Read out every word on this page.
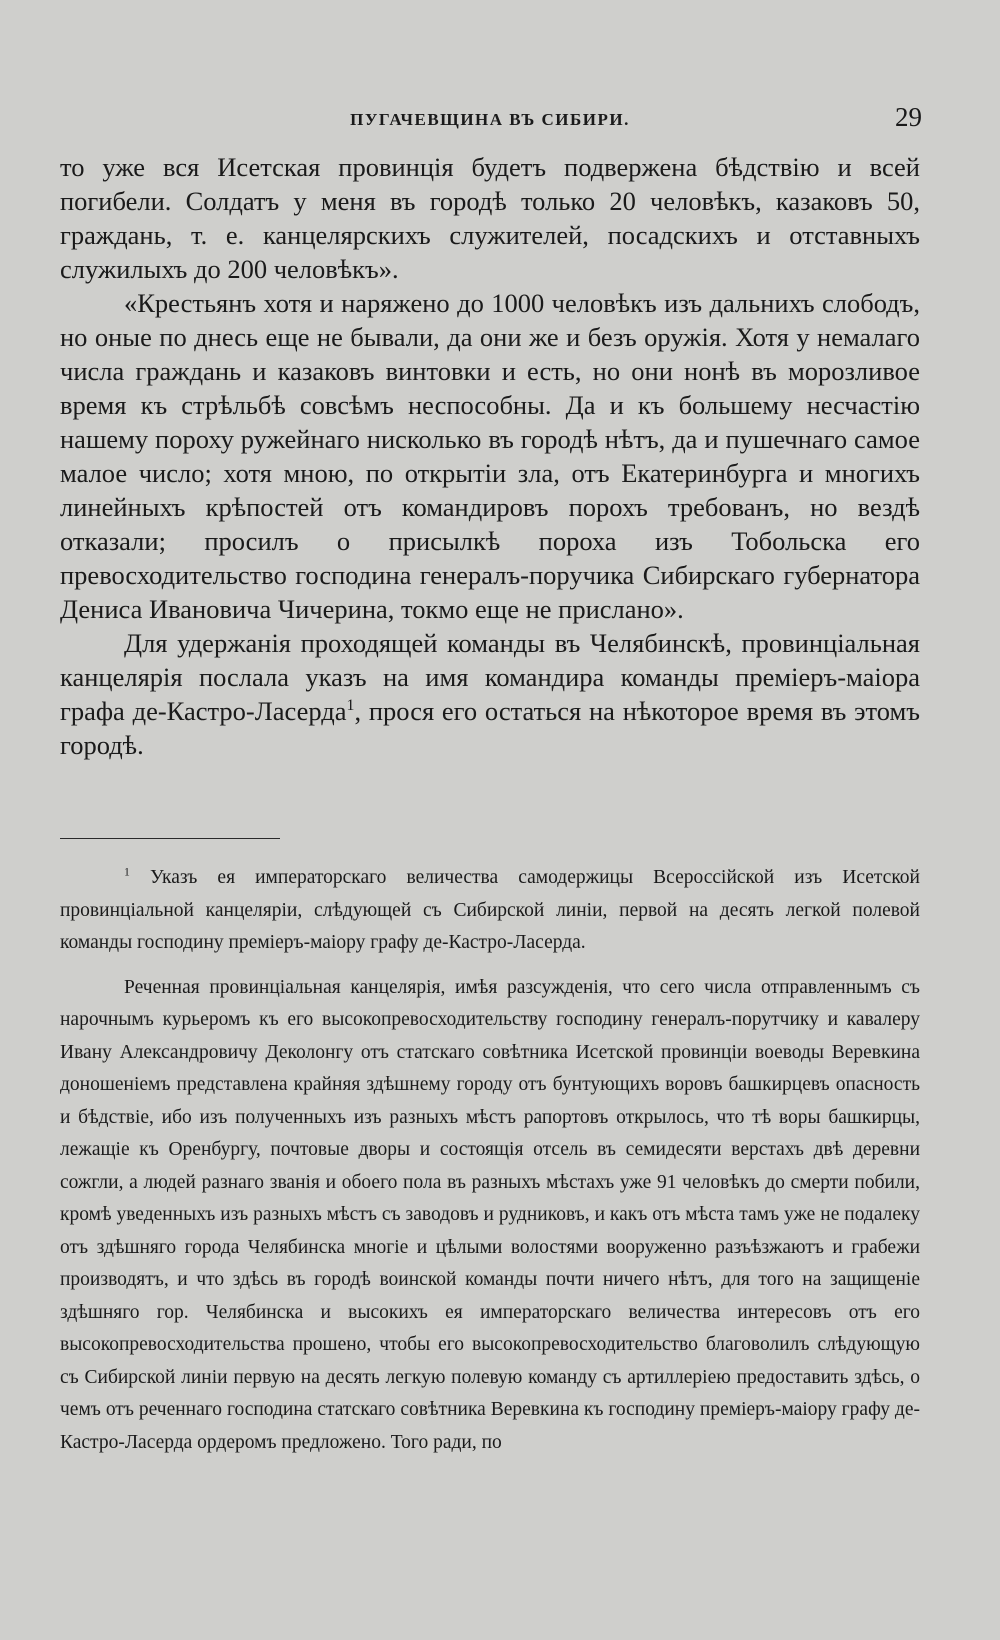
ПУГАЧЕВЩИНА ВЪ СИБИРИ.	29

то уже вся Исетская провинцiя будетъ подвержена бѣдствiю и всей погибели. Солдатъ у меня въ городѣ только 20 человѣкъ, казаковъ 50, граждань, т. е. канцелярскихъ служителей, посадскихъ и отставныхъ служилыхъ до 200 человѣкъ».

«Крестьянъ хотя и наряжено до 1000 человѣкъ изъ дальнихъ слободъ, но оные по днесь еще не бывали, да они же и безъ оружiя. Хотя у немалаго числа граждань и казаковъ винтовки и есть, но они нонѣ въ морозливое время къ стрѣльбѣ совсѣмъ неспособны. Да и къ большему несчастiю нашему пороху ружейнаго нисколько въ городѣ нѣтъ, да и пушечнаго самое малое число; хотя мною, по открытiи зла, отъ Екатеринбурга и многихъ линейныхъ крѣпостей отъ командировъ порохъ требованъ, но вездѣ отказали; просилъ о присылкѣ пороха изъ Тобольска его превосходительство господина генералъ-поручика Сибирскаго губернатора Дениса Ивановича Чичерина, токмо еще не прислано».

Для удержанiя проходящей команды въ Челябинскѣ, провинцiальная канцелярiя послала указъ на имя командира команды премiеръ-маiора графа де-Кастро-Ласерда$^1$, прося его остаться на нѣкоторое время въ этомъ городѣ.

$^1$ Указъ ея императорскаго величества самодержицы Всероссiйской изъ Исетской провинцiальной канцелярiи, слѣдующей съ Сибирской линiи, первой на десять легкой полевой команды господину премiеръ-маiору графу де-Кастро-Ласерда.

Реченная провинцiальная канцелярiя, имѣя разсужденiя, что сего числа отправленнымъ съ нарочнымъ курьеромъ къ его высокопревосходительству господину генералъ-порутчику и кавалеру Ивану Александровичу Деколонгу отъ статскаго совѣтника Исетской провинцiи воеводы Веревкина доношенiемъ представлена крайняя здѣшнему городу отъ бунтующихъ воровъ башкирцевъ опасность и бѣдствiе, ибо изъ полученныхъ изъ разныхъ мѣстъ рапортовъ открылось, что тѣ воры башкирцы, лежащiе къ Оренбургу, почтовые дворы и состоящiя отсель въ семидесяти верстахъ двѣ деревни сожгли, а людей разнаго званiя и обоего пола въ разныхъ мѣстахъ уже 91 человѣкъ до смерти побили, кромѣ уведенныхъ изъ разныхъ мѣстъ съ заводовъ и рудниковъ, и какъ отъ мѣста тамъ уже не подалеку отъ здѣшняго города Челябинска многiе и цѣлыми волостями вооруженно разъѣзжаютъ и грабежи производятъ, и что здѣсь въ городѣ воинской команды почти ничего нѣтъ, для того на защищенiе здѣшняго гор. Челябинска и высокихъ ея императорскаго величества интересовъ отъ его высокопревосходительства прошено, чтобы его высокопревосходительство благоволилъ слѣдующую съ Сибирской линiи первую на десять легкую полевую команду съ артиллерiею предоставить здѣсь, о чемъ отъ реченнаго господина статскаго совѣтника Веревкина къ господину премiеръ-маiору графу де-Кастро-Ласерда ордеромъ предложено. Того ради, по
